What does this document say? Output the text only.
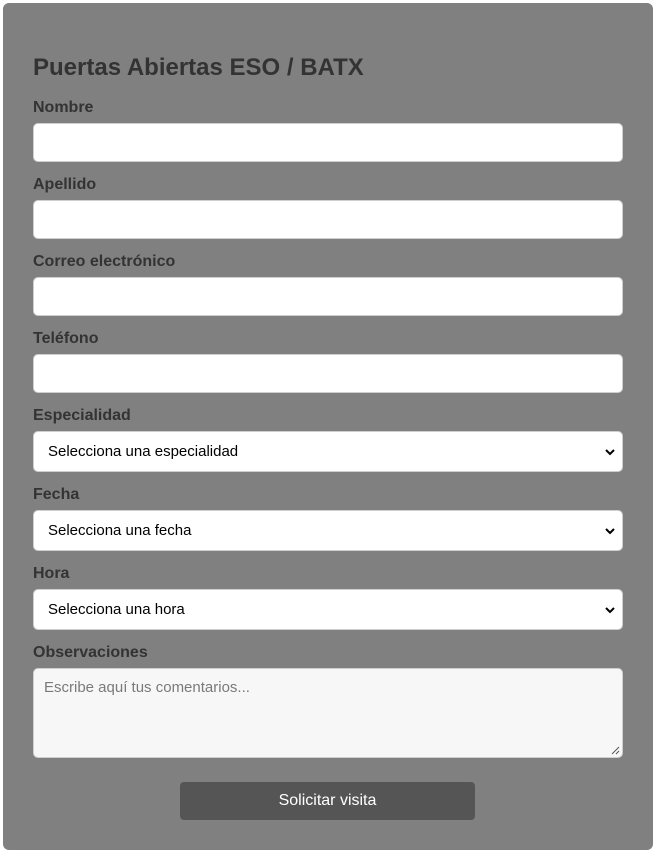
Puertas Abiertas ESO / BATX
Nombre
Apellido
Correo electrónico
Teléfono
Especialidad
Selecciona una especialidad
Fecha
Selecciona una fecha
Hora
Selecciona una hora
Observaciones
Escribe aquí tus comentarios...
Solicitar visita
